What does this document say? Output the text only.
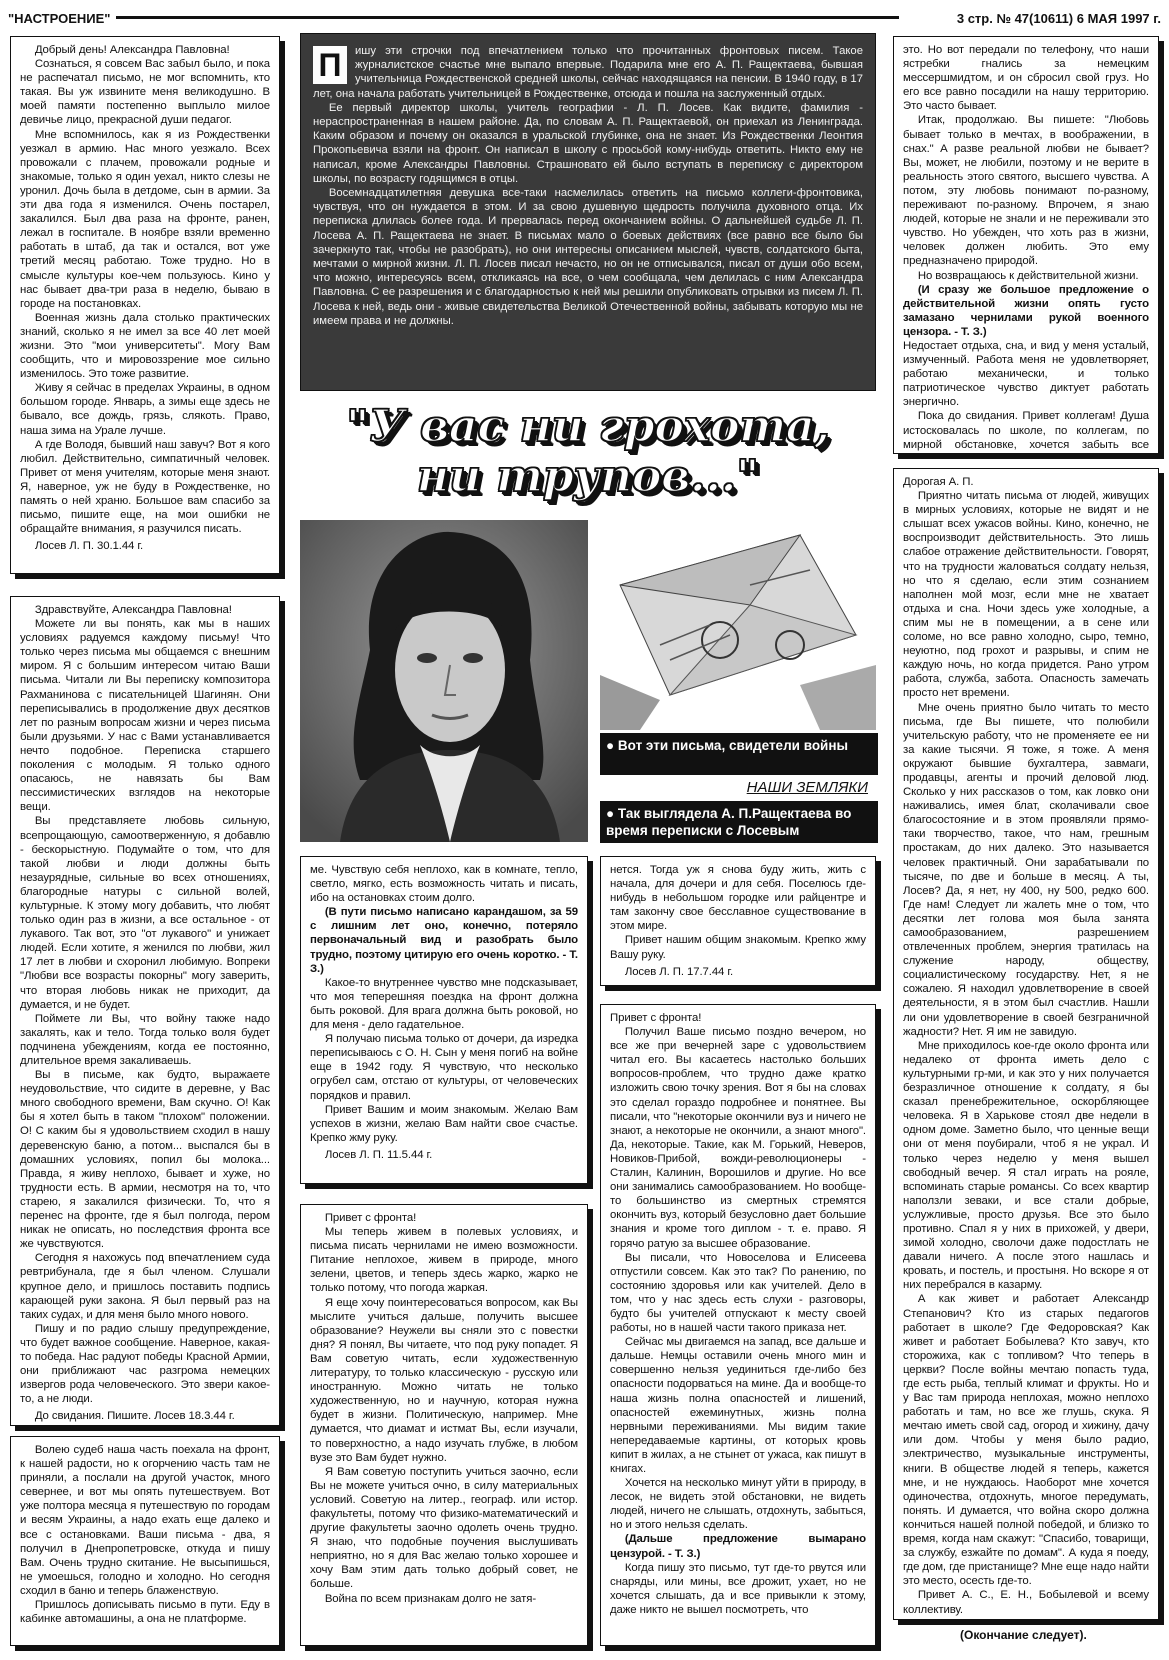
"НАСТРОЕНИЕ"	3 стр. № 47(10611) 6 МАЯ 1997 г.

Добрый день! Александра Павловна!

Сознаться, я совсем Вас забыл было, и пока не распечатал письмо, не мог вспомнить, кто такая. Вы уж извините меня великодушно. В моей памяти постепенно выплыло милое девичье лицо, прекрасной души педагог.

Мне вспомнилось, как я из Рождественки уезжал в армию. Нас много уезжало. Всех провожали с плачем, провожали родные и знакомые, только я один уехал, никто слезы не уронил. Дочь была в детдоме, сын в армии. За эти два года я изменился. Очень постарел, закалился. Был два раза на фронте, ранен, лежал в госпитале. В ноябре взяли временно работать в штаб, да так и остался, вот уже третий месяц работаю. Тоже трудно. Но в смысле культуры кое-чем пользуюсь. Кино у нас бывает два-три раза в неделю, бываю в городе на постановках.

Военная жизнь дала столько практических знаний, сколько я не имел за все 40 лет моей жизни. Это "мои университеты". Могу Вам сообщить, что и мировоззрение мое сильно изменилось. Это тоже развитие.

Живу я сейчас в пределах Украины, в одном большом городе. Январь, а зимы еще здесь не бывало, все дождь, грязь, слякоть. Право, наша зима на Урале лучше.

А где Володя, бывший наш завуч? Вот я кого любил. Действительно, симпатичный человек. Привет от меня учителям, которые меня знают. Я, наверное, уж не буду в Рождественке, но память о ней храню. Большое вам спасибо за письмо, пишите еще, на мои ошибки не обращайте внимания, я разучился писать.

Лосев Л. П. 30.1.44 г.

Здравствуйте, Александра Павловна!

Можете ли вы понять, как мы в наших условиях радуемся каждому письму! Что только через письма мы общаемся с внешним миром. Я с большим интересом читаю Ваши письма. Читали ли Вы переписку композитора Рахманинова с писательницей Шагинян. Они переписывались в продолжение двух десятков лет по разным вопросам жизни и через письма были друзьями. У нас с Вами устанавливается нечто подобное. Переписка старшего поколения с молодым. Я только одного опасаюсь, не навязать бы Вам пессимистических взглядов на некоторые вещи.

Вы представляете любовь сильную, всепрощающую, самоотверженную, я добавлю - бескорыстную. Подумайте о том, что для такой любви и люди должны быть незаурядные, сильные во всех отношениях, благородные натуры с сильной волей, культурные. К этому могу добавить, что любят только один раз в жизни, а все остальное - от лукавого. Так вот, это "от лукавого" и унижает людей. Если хотите, я женился по любви, жил 17 лет в любви и схоронил любимую. Вопреки "Любви все возрасты покорны" могу заверить, что вторая любовь никак не приходит, да думается, и не будет.

Поймете ли Вы, что войну также надо закалять, как и тело. Тогда только воля будет подчинена убеждениям, когда ее постоянно, длительное время закаливаешь.

Вы в письме, как будто, выражаете неудовольствие, что сидите в деревне, у Вас много свободного времени, Вам скучно. О! Как бы я хотел быть в таком "плохом" положении. О! С каким бы я удовольствием сходил в нашу деревенскую баню, а потом... выспался бы в домашних условиях, попил бы молока... Правда, я живу неплохо, бывает и хуже, но трудности есть. В армии, несмотря на то, что старею, я закалился физически. То, что я перенес на фронте, где я был полгода, пером никак не описать, но последствия фронта все же чувствуются.

Сегодня я нахожусь под впечатлением суда ревтрибунала, где я был членом. Слушали крупное дело, и пришлось поставить подпись карающей руки закона. Я был первый раз на таких судах, и для меня было много нового.

Пишу и по радио слышу предупреждение, что будет важное сообщение. Наверное, какая-то победа. Нас радуют победы Красной Армии, они приближают час разгрома немецких извергов рода человеческого. Это звери какое-то, а не люди.

До свидания. Пишите. Лосев 18.3.44 г.

Волею судеб наша часть поехала на фронт, к нашей радости, но к огорчению часть там не приняли, а послали на другой участок, много севернее, и вот мы опять путешествуем. Вот уже полтора месяца я путешествую по городам и весям Украины, а надо ехать еще далеко и все с остановками. Ваши письма - два, я получил в Днепропетровске, откуда и пишу Вам. Очень трудно скитание. Не высыпишься, не умоешься, голодно и холодно. Но сегодня сходил в баню и теперь блаженствую.

Пришлось дописывать письмо в пути. Еду в кабинке автомашины, а она не платформе.

П	ишу эти строчки под впечатлением только что прочитанных фронтовых писем. Такое журналистское счастье мне выпало впервые. Подарила мне его А. П. Ращектаева, бывшая учительница Рождественской средней школы, сейчас находящаяся на пенсии. В 1940 году, в 17 лет, она начала работать учительницей в Рождественке, отсюда и пошла на заслуженный отдых.

Ее первый директор школы, учитель географии - Л. П. Лосев. Как видите, фамилия - нераспространенная в нашем районе. Да, по словам А. П. Ращектаевой, он приехал из Ленинграда. Каким образом и почему он оказался в уральской глубинке, она не знает. Из Рождественки Леонтия Прокопьевича взяли на фронт. Он написал в школу с просьбой кому-нибудь ответить. Никто ему не написал, кроме Александры Павловны. Страшновато ей было вступать в переписку с директором школы, по возрасту годящимся в отцы.

Восемнадцатилетняя девушка все-таки насмелилась ответить на письмо коллеги-фронтовика, чувствуя, что он нуждается в этом. И за свою душевную щедрость получила духовного отца. Их переписка длилась более года. И прервалась перед окончанием войны. О дальнейшей судьбе Л. П. Лосева А. П. Ращектаева не знает. В письмах мало о боевых действиях (все равно все было бы зачеркнуто так, чтобы не разобрать), но они интересны описанием мыслей, чувств, солдатского быта, мечтами о мирной жизни. Л. П. Лосев писал нечасто, но он не отписывался, писал от души обо всем, что можно, интересуясь всем, откликаясь на все, о чем сообщала, чем делилась с ним Александра Павловна. С ее разрешения и с благодарностью к ней мы решили опубликовать отрывки из писем Л. П. Лосева к ней, ведь они - живые свидетельства Великой Отечественной войны, забывать которую мы не имеем права и не должны.

"У вас ни грохота,
ни трупов..."
● Вот эти письма, свидетели войны
НАШИ ЗЕМЛЯКИ
● Так выглядела А. П.Ращектаева во время переписки с Лосевым

ме. Чувствую себя неплохо, как в комнате, тепло, светло, мягко, есть возможность читать и писать, ибо на остановках стоим долго.

(В пути письмо написано карандашом, за 59 с лишним лет оно, конечно, потеряло первоначальный вид и разобрать было трудно, поэтому цитирую его очень коротко. - Т. З.)

Какое-то внутреннее чувство мне подсказывает, что моя теперешняя поездка на фронт должна быть роковой. Для врага должна быть роковой, но для меня - дело гадательное.

Я получаю письма только от дочери, да изредка переписываюсь с О. Н. Сын у меня погиб на войне еще в 1942 году. Я чувствую, что несколько огрубел сам, отстаю от культуры, от человеческих порядков и правил.

Привет Вашим и моим знакомым. Желаю Вам успехов в жизни, желаю Вам найти свое счастье. Крепко жму руку.

Лосев Л. П. 11.5.44 г.

Привет с фронта!

Мы теперь живем в полевых условиях, и письма писать чернилами не имею возможности. Питание неплохое, живем в природе, много зелени, цветов, и теперь здесь жарко, жарко не только потому, что погода жаркая.

Я еще хочу поинтересоваться вопросом, как Вы мыслите учиться дальше, получить высшее образование? Неужели вы сняли это с повестки дня? Я понял, Вы читаете, что под руку попадет. Я Вам советую читать, если художественную литературу, то только классическую - русскую или иностранную. Можно читать не только художественную, но и научную, которая нужна будет в жизни. Политическую, например. Мне думается, что диамат и истмат Вы, если изучали, то поверхностно, а надо изучать глубже, в любом вузе это Вам будет нужно.

Я Вам советую поступить учиться заочно, если Вы не можете учиться очно, в силу материальных условий. Советую на литер., географ. или истор. факультеты, потому что физико-математический и другие факультеты заочно одолеть очень трудно. Я знаю, что подобные поучения выслушивать неприятно, но я для Вас желаю только хорошее и хочу Вам этим дать только добрый совет, не больше.

Война по всем признакам долго не затя-

нется. Тогда уж я снова буду жить, жить с начала, для дочери и для себя. Поселюсь где-нибудь в небольшом городке или райцентре и там закончу свое бесславное существование в этом мире.

Привет нашим общим знакомым. Крепко жму Вашу руку.

Лосев Л. П. 17.7.44 г.

Привет с фронта!

Получил Ваше письмо поздно вечером, но все же при вечерней заре с удовольствием читал его. Вы касаетесь настолько больших вопросов-проблем, что трудно даже кратко изложить свою точку зрения. Вот я бы на словах это сделал гораздо подробнее и понятнее. Вы писали, что "некоторые окончили вуз и ничего не знают, а некоторые не окончили, а знают много". Да, некоторые. Такие, как М. Горький, Неверов, Новиков-Прибой, вожди-революционеры - Сталин, Калинин, Ворошилов и другие. Но все они занимались самообразованием. Но вообще-то большинство из смертных стремятся окончить вуз, который безусловно дает большие знания и кроме того диплом - т. е. право. Я горячо ратую за высшее образование.

Вы писали, что Новоселова и Елисеева отпустили совсем. Как это так? По ранению, по состоянию здоровья или как учителей. Дело в том, что у нас здесь есть слухи - разговоры, будто бы учителей отпускают к месту своей работы, но в нашей части такого приказа нет.

Сейчас мы двигаемся на запад, все дальше и дальше. Немцы оставили очень много мин и совершенно нельзя уединиться где-либо без опасности подорваться на мине. Да и вообще-то наша жизнь полна опасностей и лишений, опасностей ежеминутных, жизнь полна нервными переживаниями. Мы видим такие непередаваемые картины, от которых кровь кипит в жилах, а не стынет от ужаса, как пишут в книгах.

Хочется на несколько минут уйти в природу, в лесок, не видеть этой обстановки, не видеть людей, ничего не слышать, отдохнуть, забыться, но и этого нельзя сделать.

(Дальше предложение вымарано цензурой. - Т. З.)

Когда пишу это письмо, тут где-то рвутся или снаряды, или мины, все дрожит, ухает, но не хочется слышать, да и все привыкли к этому, даже никто не вышел посмотреть, что

это. Но вот передали по телефону, что наши ястребки гнались за немецким мессершмидтом, и он сбросил свой груз. Но его все равно посадили на нашу территорию. Это часто бывает.

Итак, продолжаю. Вы пишете: "Любовь бывает только в мечтах, в воображении, в снах." А разве реальной любви не бывает? Вы, может, не любили, поэтому и не верите в реальность этого святого, высшего чувства. А потом, эту любовь понимают по-разному, переживают по-разному. Впрочем, я знаю людей, которые не знали и не переживали это чувство. Но убежден, что хоть раз в жизни, человек должен любить. Это ему предназначено природой.

Но возвращаюсь к действительной жизни.

(И сразу же большое предложение о действительной жизни опять густо замазано чернилами рукой военного цензора. - Т. З.)

Недостает отдыха, сна, и вид у меня усталый, измученный. Работа меня не удовлетворяет, работаю механически, и только патриотическое чувство диктует работать энергично.

Пока до свидания. Привет коллегам! Душа истосковалась по школе, по коллегам, по мирной обстановке, хочется забыть все

Дорогая А. П.

Приятно читать письма от людей, живущих в мирных условиях, которые не видят и не слышат всех ужасов войны. Кино, конечно, не воспроизводит действительность. Это лишь слабое отражение действительности. Говорят, что на трудности жаловаться солдату нельзя, но что я сделаю, если этим сознанием наполнен мой мозг, если мне не хватает отдыха и сна. Ночи здесь уже холодные, а спим мы не в помещении, а в сене или соломе, но все равно холодно, сыро, темно, неуютно, под грохот и разрывы, и спим не каждую ночь, но когда придется. Рано утром работа, служба, забота. Опасность замечать просто нет времени.

Мне очень приятно было читать то место письма, где Вы пишете, что полюбили учительскую работу, что не променяете ее ни за какие тысячи. Я тоже, я тоже. А меня окружают бывшие бухгалтера, завмаги, продавцы, агенты и прочий деловой люд. Сколько у них рассказов о том, как ловко они наживались, имея блат, сколачивали свое благосостояние и в этом проявляли прямо-таки творчество, такое, что нам, грешным простакам, до них далеко. Это называется человек практичный. Они зарабатывали по тысяче, по две и больше в месяц. А ты, Лосев? Да, я нет, ну 400, ну 500, редко 600. Где нам! Следует ли жалеть мне о том, что десятки лет голова моя была занята самообразованием, разрешением отвлеченных проблем, энергия тратилась на служение народу, обществу, социалистическому государству. Нет, я не сожалею. Я находил удовлетворение в своей деятельности, я в этом был счастлив. Нашли ли они удовлетворение в своей безграничной жадности? Нет. Я им не завидую.

Мне приходилось кое-где около фронта или недалеко от фронта иметь дело с культурными гр-ми, и как это у них получается безразличное отношение к солдату, я бы сказал пренебрежительное, оскорбляющее человека. Я в Харькове стоял две недели в одном доме. Заметно было, что ценные вещи они от меня поубирали, чтоб я не украл. И только через неделю у меня вышел свободный вечер. Я стал играть на рояле, вспоминать старые романсы. Со всех квартир наползли зеваки, и все стали добрые, услужливые, просто друзья. Все это было противно. Спал я у них в прихожей, у двери, зимой холодно, сволочи даже подостлать не давали ничего. А после этого нашлась и кровать, и постель, и простыня. Но вскоре я от них перебрался в казарму.

А как живет и работает Александр Степанович? Кто из старых педагогов работает в школе? Где Федоровская? Как живет и работает Бобылева? Кто завуч, кто сторожиха, как с топливом? Что теперь в церкви? После войны мечтаю попасть туда, где есть рыба, теплый климат и фрукты. Но и у Вас там природа неплохая, можно неплохо работать и там, но все же глушь, скука. Я мечтаю иметь свой сад, огород и хижину, дачу или дом. Чтобы у меня было радио, электричество, музыкальные инструменты, книги. В обществе людей я теперь, кажется мне, и не нуждаюсь. Наоборот мне хочется одиночества, отдохнуть, многое передумать, понять. И думается, что война скоро должна кончиться нашей полной победой, и близко то время, когда нам скажут: "Спасибо, товарищи, за службу, езжайте по домам". А куда я поеду, где дом, где пристанище? Мне еще надо найти это место, осесть где-то.

Привет А. С., Е. Н., Бобылевой и всему коллективу.

(Окончание следует).
